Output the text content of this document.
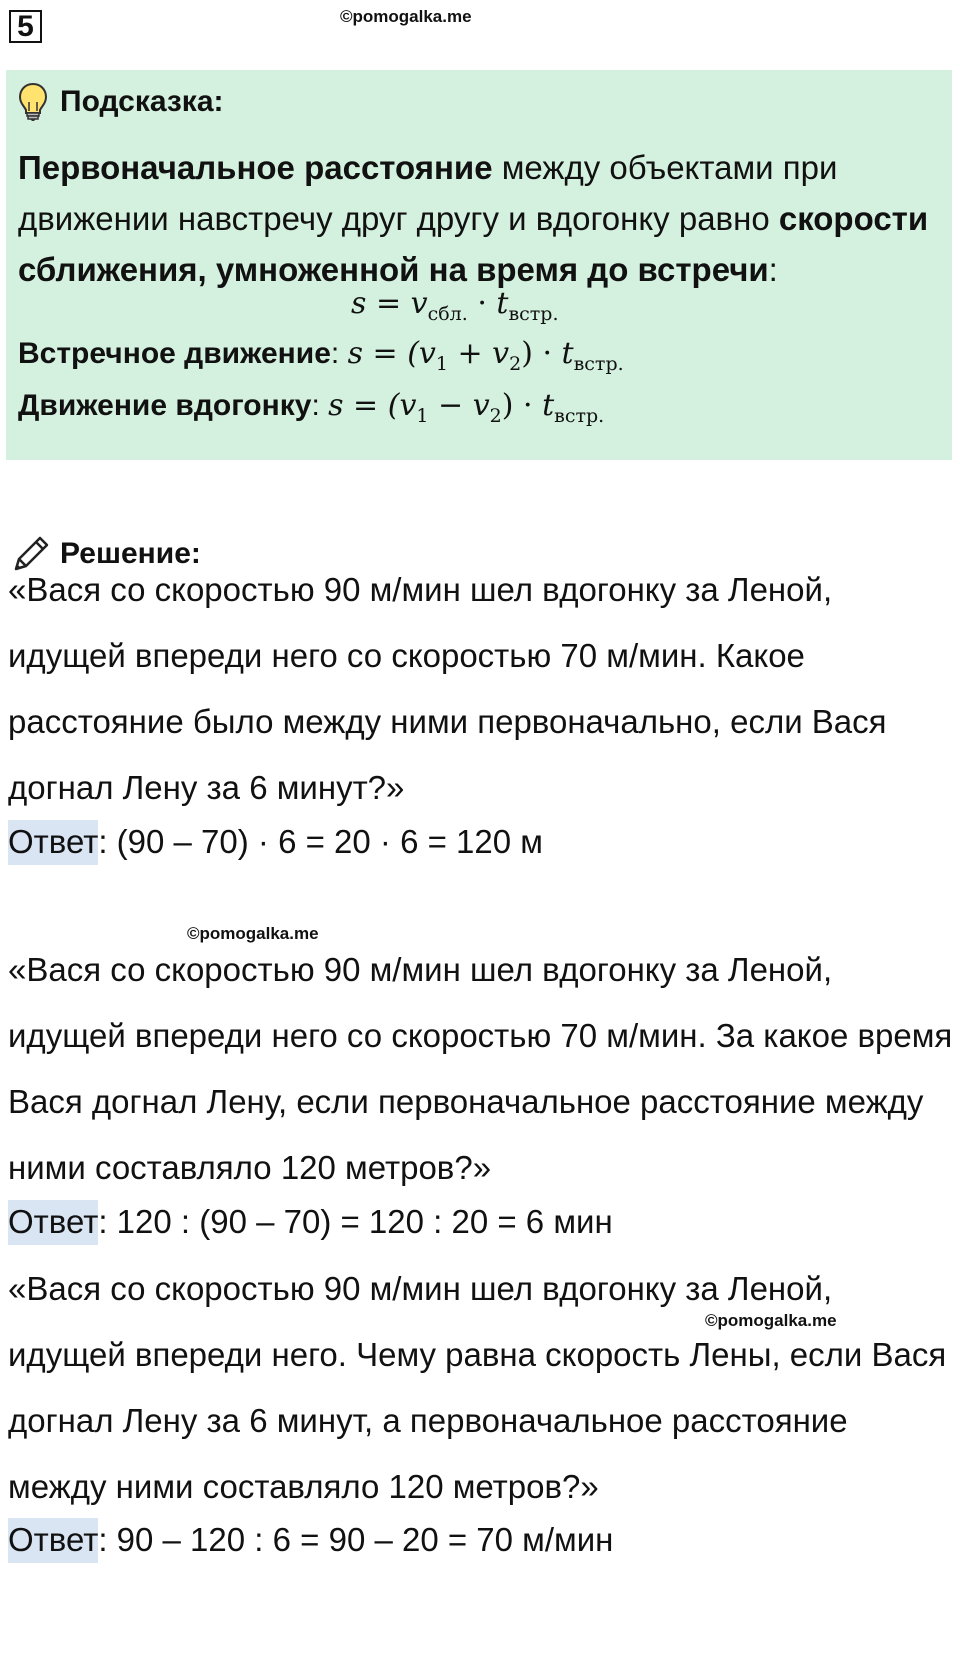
5	©pomogalka.me
Подсказка:
Первоначальное расстояние между объектами при движении навстречу друг другу и вдогонку равно скорости сближения, умноженной на время до встречи:
$s = v_{сбл.} \cdot t_{встр.}$
Встречное движение: $s = (v_1 + v_2) \cdot t_{встр.}$
Движение вдогонку: $s = (v_1 - v_2) \cdot t_{встр.}$
Решение:
«Вася со скоростью 90 м/мин шел вдогонку за Леной, идущей впереди него со скоростью 70 м/мин. Какое расстояние было между ними первоначально, если Вася догнал Лену за 6 минут?»
Ответ: (90 – 70) · 6 = 20 · 6 = 120 м
©pomogalka.me
«Вася со скоростью 90 м/мин шел вдогонку за Леной, идущей впереди него со скоростью 70 м/мин. За какое время Вася догнал Лену, если первоначальное расстояние между ними составляло 120 метров?»
Ответ: 120 : (90 – 70) = 120 : 20 = 6 мин
«Вася со скоростью 90 м/мин шел вдогонку за Леной, идущей впереди него. Чему равна скорость Лены, если Вася догнал Лену за 6 минут, а первоначальное расстояние между ними составляло 120 метров?»
©pomogalka.me
Ответ: 90 – 120 : 6 = 90 – 20 = 70 м/мин
